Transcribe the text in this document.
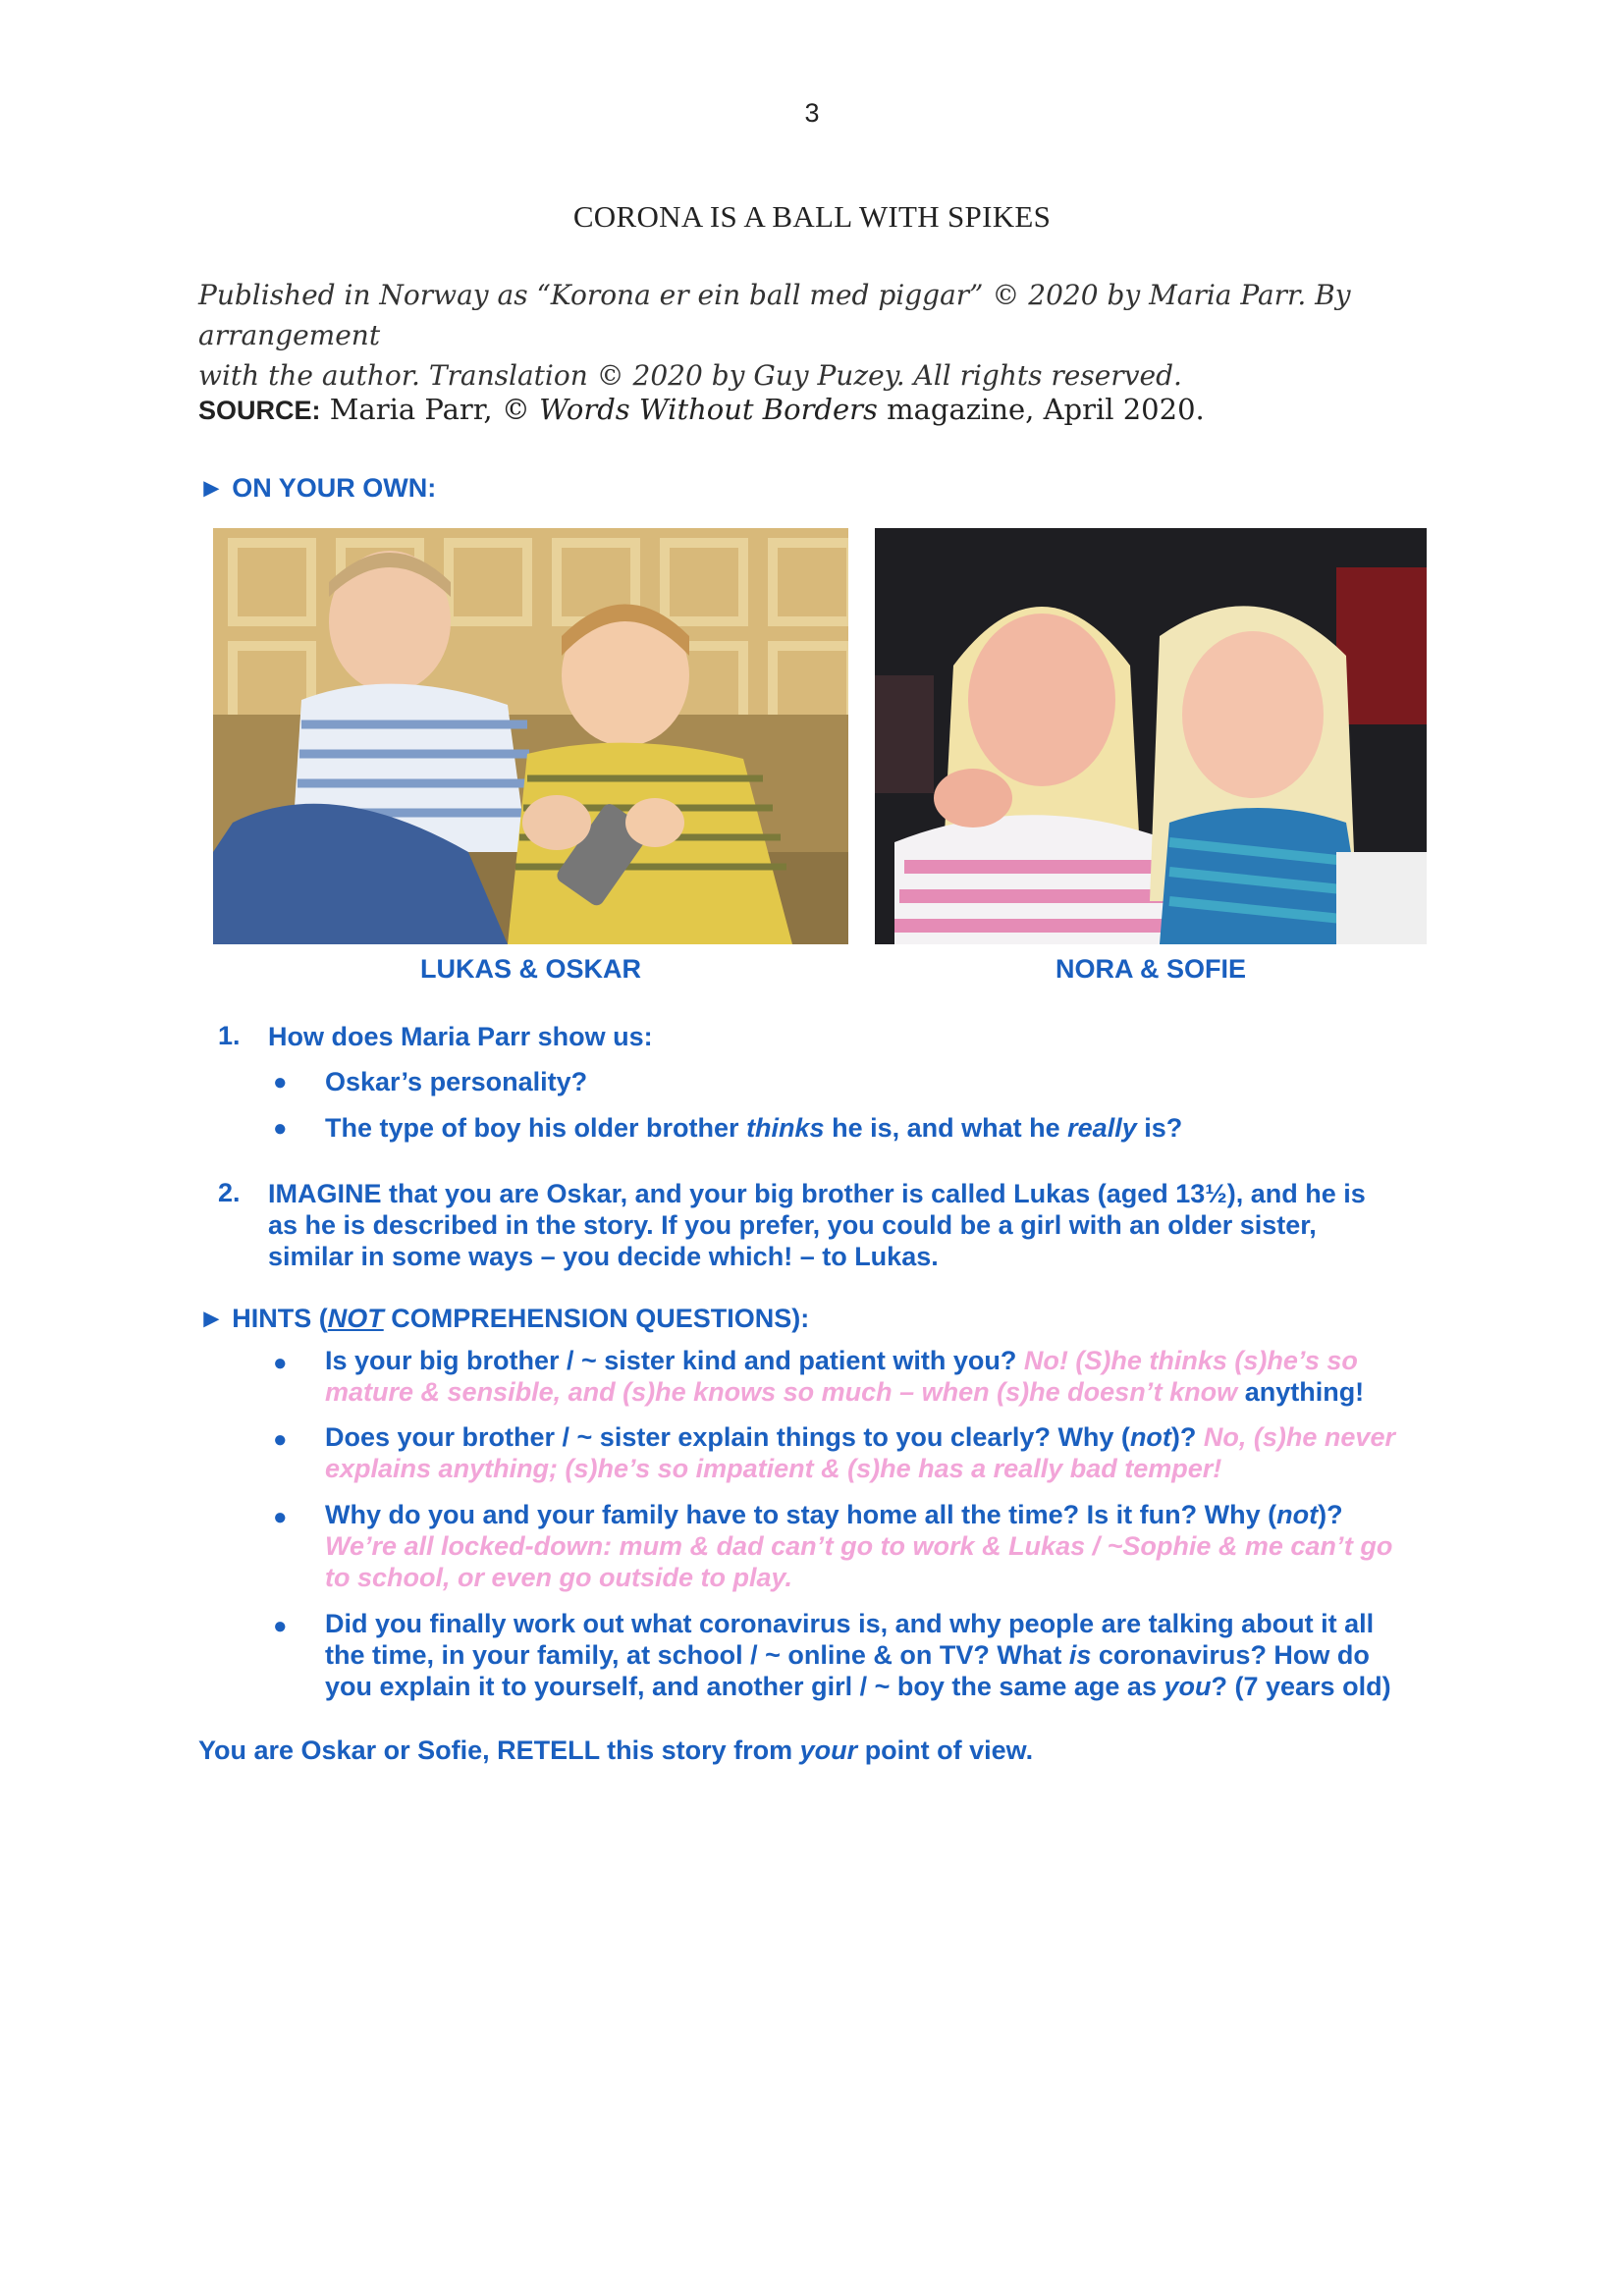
3
CORONA IS A BALL WITH SPIKES
Published in Norway as “Korona er ein ball med piggar” © 2020 by Maria Parr. By arrangement
with the author. Translation © 2020 by Guy Puzey. All rights reserved.
SOURCE: Maria Parr, © Words Without Borders magazine, April 2020.
► ON YOUR OWN:
LUKAS & OSKAR	NORA & SOFIE
1. How does Maria Parr show us:
● Oskar’s personality?
● The type of boy his older brother thinks he is, and what he really is?
2. IMAGINE that you are Oskar, and your big brother is called Lukas (aged 13½), and he is
as he is described in the story. If you prefer, you could be a girl with an older sister,
similar in some ways – you decide which! – to Lukas.
► HINTS (NOT COMPREHENSION QUESTIONS):
● Is your big brother / ~ sister kind and patient with you? No! (S)he thinks (s)he’s so
mature & sensible, and (s)he knows so much – when (s)he doesn’t know anything!
● Does your brother / ~ sister explain things to you clearly? Why (not)? No, (s)he never
explains anything; (s)he’s so impatient & (s)he has a really bad temper!
● Why do you and your family have to stay home all the time? Is it fun? Why (not)?
We’re all locked-down: mum & dad can’t go to work & Lukas / ~Sophie & me can’t go
to school, or even go outside to play.
● Did you finally work out what coronavirus is, and why people are talking about it all
the time, in your family, at school / ~ online & on TV? What is coronavirus? How do
you explain it to yourself, and another girl / ~ boy the same age as you? (7 years old)
You are Oskar or Sofie, RETELL this story from your point of view.
